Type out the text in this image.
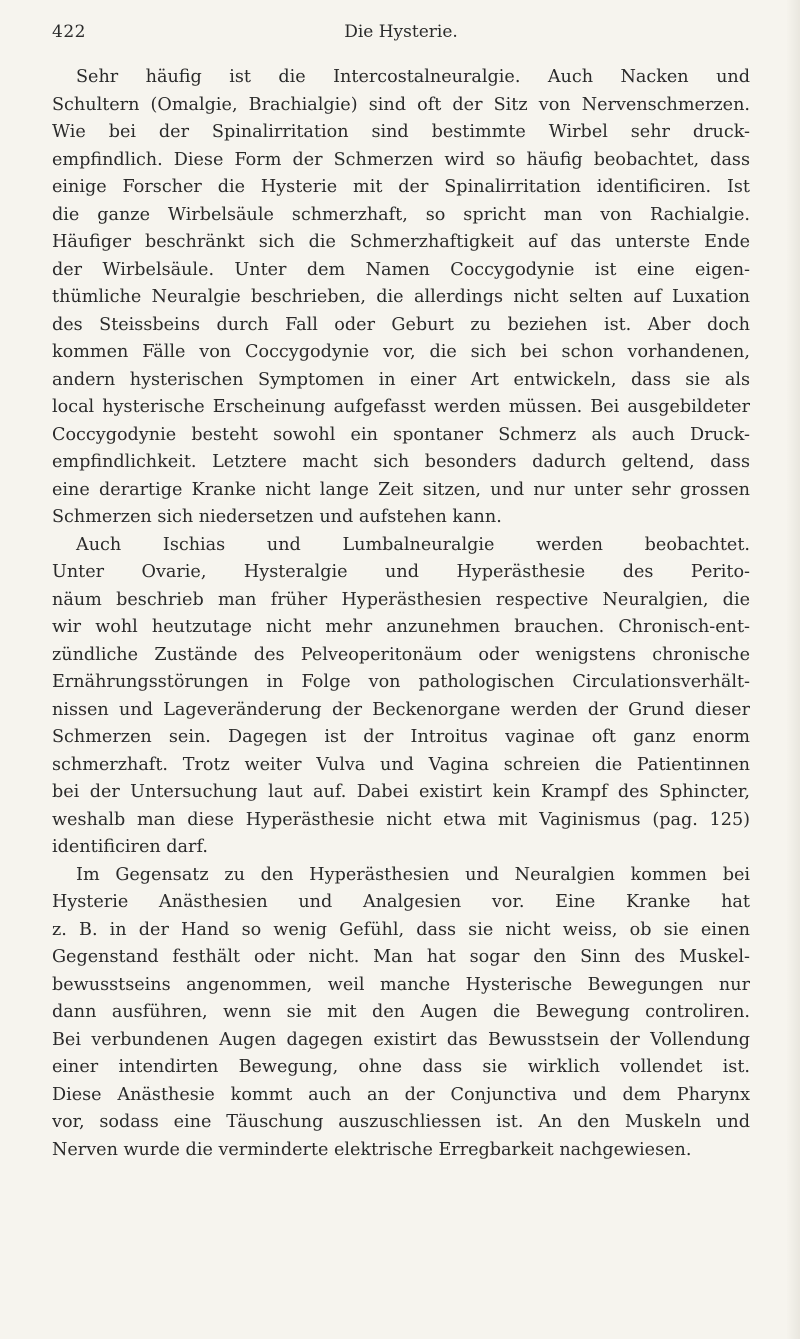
422	Die Hysterie.
Sehr häufig ist die Intercostalneuralgie. Auch Nacken und
Schultern (Omalgie, Brachialgie) sind oft der Sitz von Nervenschmerzen.
Wie bei der Spinalirritation sind bestimmte Wirbel sehr druck-
empfindlich. Diese Form der Schmerzen wird so häufig beobachtet, dass
einige Forscher die Hysterie mit der Spinalirritation identificiren. Ist
die ganze Wirbelsäule schmerzhaft, so spricht man von Rachialgie.
Häufiger beschränkt sich die Schmerzhaftigkeit auf das unterste Ende
der Wirbelsäule. Unter dem Namen Coccygodynie ist eine eigen-
thümliche Neuralgie beschrieben, die allerdings nicht selten auf Luxation
des Steissbeins durch Fall oder Geburt zu beziehen ist. Aber doch
kommen Fälle von Coccygodynie vor, die sich bei schon vorhandenen,
andern hysterischen Symptomen in einer Art entwickeln, dass sie als
local hysterische Erscheinung aufgefasst werden müssen. Bei ausgebildeter
Coccygodynie besteht sowohl ein spontaner Schmerz als auch Druck-
empfindlichkeit. Letztere macht sich besonders dadurch geltend, dass
eine derartige Kranke nicht lange Zeit sitzen, und nur unter sehr grossen
Schmerzen sich niedersetzen und aufstehen kann.
Auch Ischias und Lumbalneuralgie werden beobachtet.
Unter Ovarie, Hysteralgie und Hyperästhesie des Perito-
näum beschrieb man früher Hyperästhesien respective Neuralgien, die
wir wohl heutzutage nicht mehr anzunehmen brauchen. Chronisch-ent-
zündliche Zustände des Pelveoperitonäum oder wenigstens chronische
Ernährungsstörungen in Folge von pathologischen Circulationsverhält-
nissen und Lageveränderung der Beckenorgane werden der Grund dieser
Schmerzen sein. Dagegen ist der Introitus vaginae oft ganz enorm
schmerzhaft. Trotz weiter Vulva und Vagina schreien die Patientinnen
bei der Untersuchung laut auf. Dabei existirt kein Krampf des Sphincter,
weshalb man diese Hyperästhesie nicht etwa mit Vaginismus (pag. 125)
identificiren darf.
Im Gegensatz zu den Hyperästhesien und Neuralgien kommen bei
Hysterie Anästhesien und Analgesien vor. Eine Kranke hat
z. B. in der Hand so wenig Gefühl, dass sie nicht weiss, ob sie einen
Gegenstand festhält oder nicht. Man hat sogar den Sinn des Muskel-
bewusstseins angenommen, weil manche Hysterische Bewegungen nur
dann ausführen, wenn sie mit den Augen die Bewegung controliren.
Bei verbundenen Augen dagegen existirt das Bewusstsein der Vollendung
einer intendirten Bewegung, ohne dass sie wirklich vollendet ist.
Diese Anästhesie kommt auch an der Conjunctiva und dem Pharynx
vor, sodass eine Täuschung auszuschliessen ist. An den Muskeln und
Nerven wurde die verminderte elektrische Erregbarkeit nachgewiesen.
